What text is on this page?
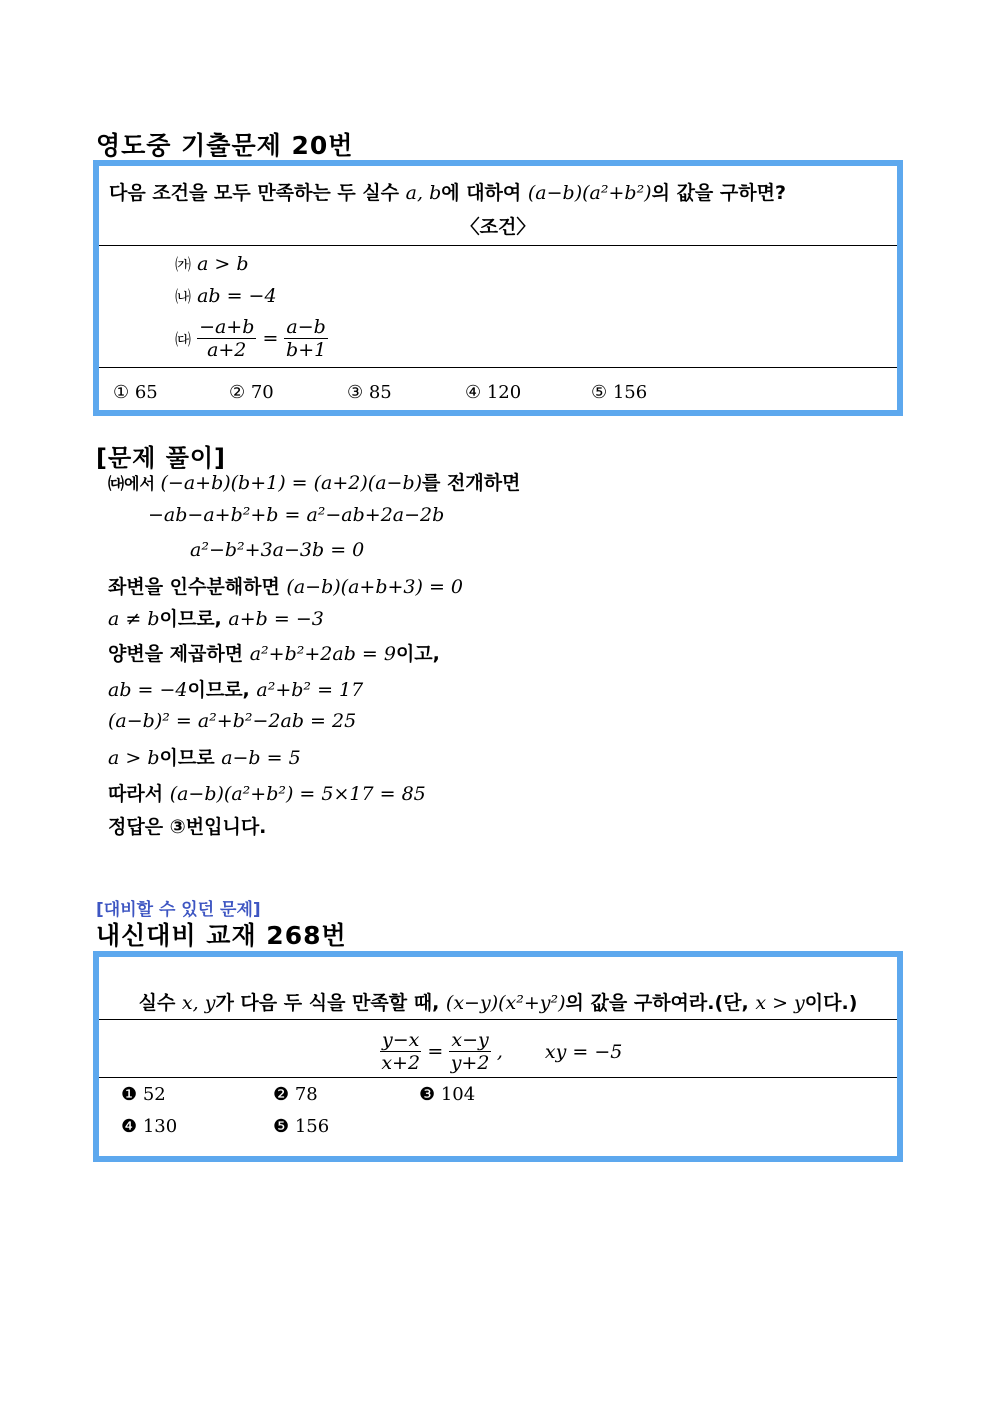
영도중 기출문제 20번
다음 조건을 모두 만족하는 두 실수 a, b에 대하여 (a−b)(a²+b²)의 값을 구하면?
〈조건〉
㈎ a > b
㈏ ab = −4
㈐ $\frac{-a+b}{a+2} = \frac{a-b}{b+1}$
① 65	② 70	③ 85	④ 120	⑤ 156
[문제 풀이]
㈐에서 (−a+b)(b+1) = (a+2)(a−b)를 전개하면
−ab−a+b²+b = a²−ab+2a−2b
a²−b²+3a−3b = 0
좌변을 인수분해하면 (a−b)(a+b+3) = 0
a ≠ b이므로, a+b = −3
양변을 제곱하면 a²+b²+2ab = 9이고,
ab = −4이므로, a²+b² = 17
(a−b)² = a²+b²−2ab = 25
a > b이므로 a−b = 5
따라서 (a−b)(a²+b²) = 5×17 = 85
정답은 ③번입니다.
[대비할 수 있던 문제]
내신대비 교재 268번
실수 x, y가 다음 두 식을 만족할 때, (x−y)(x²+y²)의 값을 구하여라.(단, x > y이다.)
$\frac{y-x}{x+2} = \frac{x-y}{y+2}$ , xy = −5
❶ 52	❷ 78	❸ 104
❹ 130	❺ 156
